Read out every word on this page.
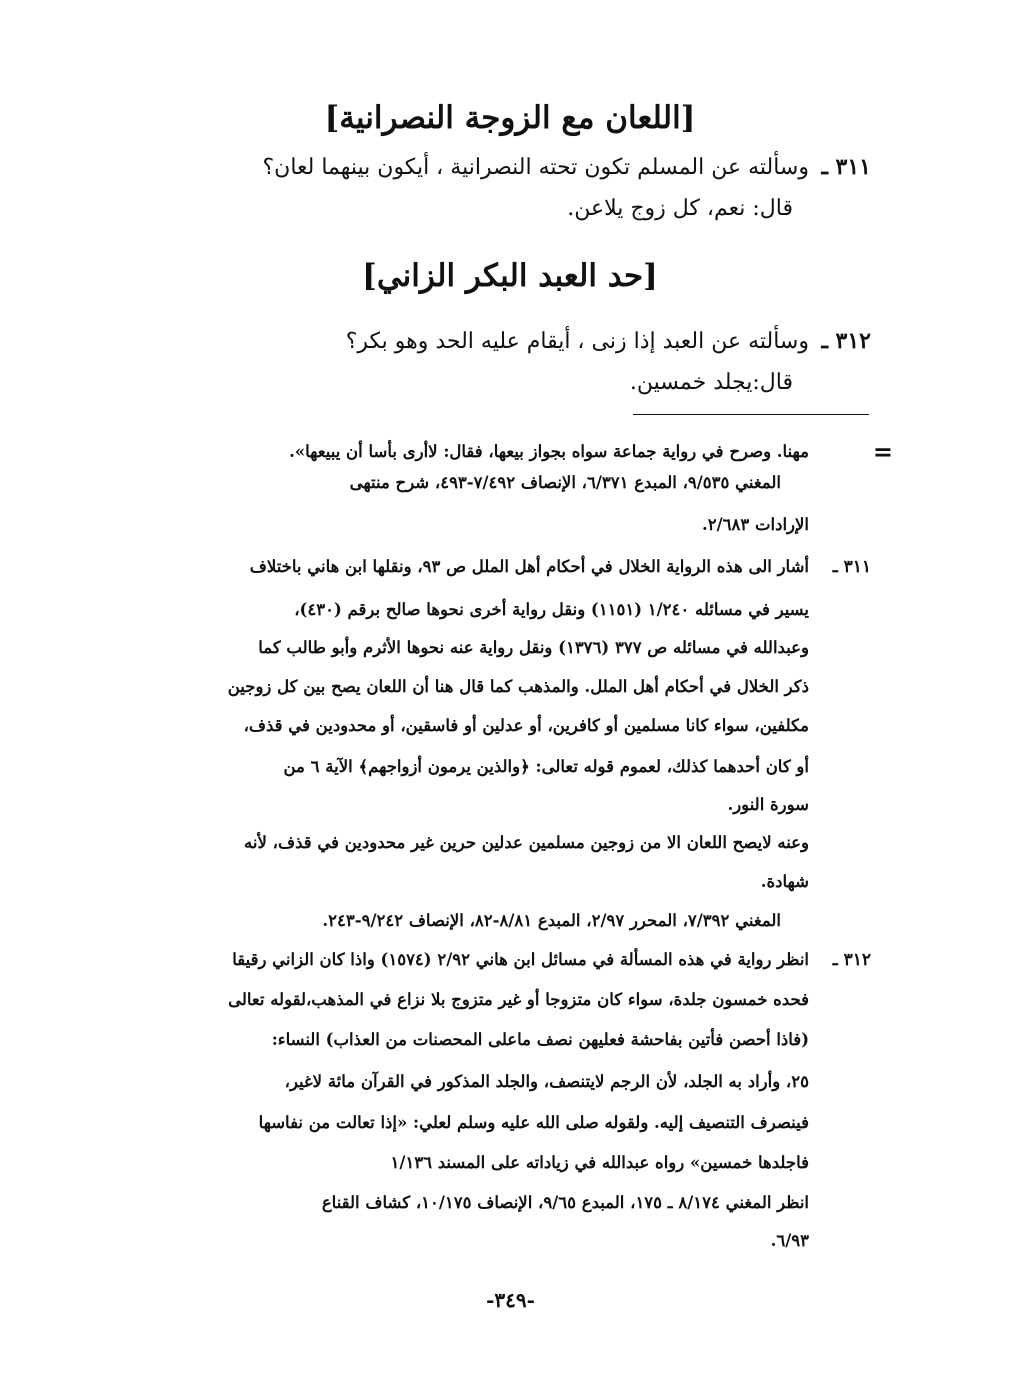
[اللعان مع الزوجة النصرانية]
٣١١ ـوسألته عن المسلم تكون تحته النصرانية ، أيكون بينهما لعان؟
قال: نعم، كل زوج يلاعن.
[حد العبد البكر الزاني]
٣١٢ ـوسألته عن العبد إذا زنى ، أيقام عليه الحد وهو بكر؟
قال:يجلد خمسين.
=
مهنا. وصرح في رواية جماعة سواه بجواز بيعها، فقال: لاأرى بأسا أن يبيعها».
المغني ٩/٥٣٥، المبدع ٦/٣٧١، الإنصاف ٧/٤٩٢-٤٩٣، شرح منتهى
الإرادات ٢/٦٨٣.
٣١١ ـ
أشار الى هذه الرواية الخلال في أحكام أهل الملل ص ٩٣، ونقلها ابن هاني باختلاف
يسير في مسائله ١/٢٤٠ (١١٥١) ونقل رواية أخرى نحوها صالح برقم (٤٣٠)،
وعبدالله في مسائله ص ٣٧٧ (١٣٧٦) ونقل رواية عنه نحوها الأثرم وأبو طالب كما
ذكر الخلال في أحكام أهل الملل. والمذهب كما قال هنا أن اللعان يصح بين كل زوجين
مكلفين، سواء كانا مسلمين أو كافرين، أو عدلين أو فاسقين، أو محدودين في قذف،
أو كان أحدهما كذلك، لعموم قوله تعالى: ﴿والذين يرمون أزواجهم﴾ الآية ٦ من
سورة النور.
وعنه لايصح اللعان الا من زوجين مسلمين عدلين حرين غير محدودين في قذف، لأنه
شهادة.
المغني ٧/٣٩٢، المحرر ٢/٩٧، المبدع ٨/٨١-٨٢، الإنصاف ٩/٢٤٢-٢٤٣.
٣١٢ ـ
انظر رواية في هذه المسألة في مسائل ابن هاني ٢/٩٢ (١٥٧٤) واذا كان الزاني رقيقا
فحده خمسون جلدة، سواء كان متزوجا أو غير متزوج بلا نزاع في المذهب،لقوله تعالى
(فاذا أحصن فأتين بفاحشة فعليهن نصف ماعلى المحصنات من العذاب) النساء:
٢٥، وأراد به الجلد، لأن الرجم لايتنصف، والجلد المذكور في القرآن مائة لاغير،
فينصرف التنصيف إليه. ولقوله صلى الله عليه وسلم لعلي: «إذا تعالت من نفاسها
فاجلدها خمسين» رواه عبدالله في زياداته على المسند ١/١٣٦
انظر المغني ٨/١٧٤ ـ ١٧٥، المبدع ٩/٦٥، الإنصاف ١٠/١٧٥، كشاف القناع
٦/٩٣.
-٣٤٩-
